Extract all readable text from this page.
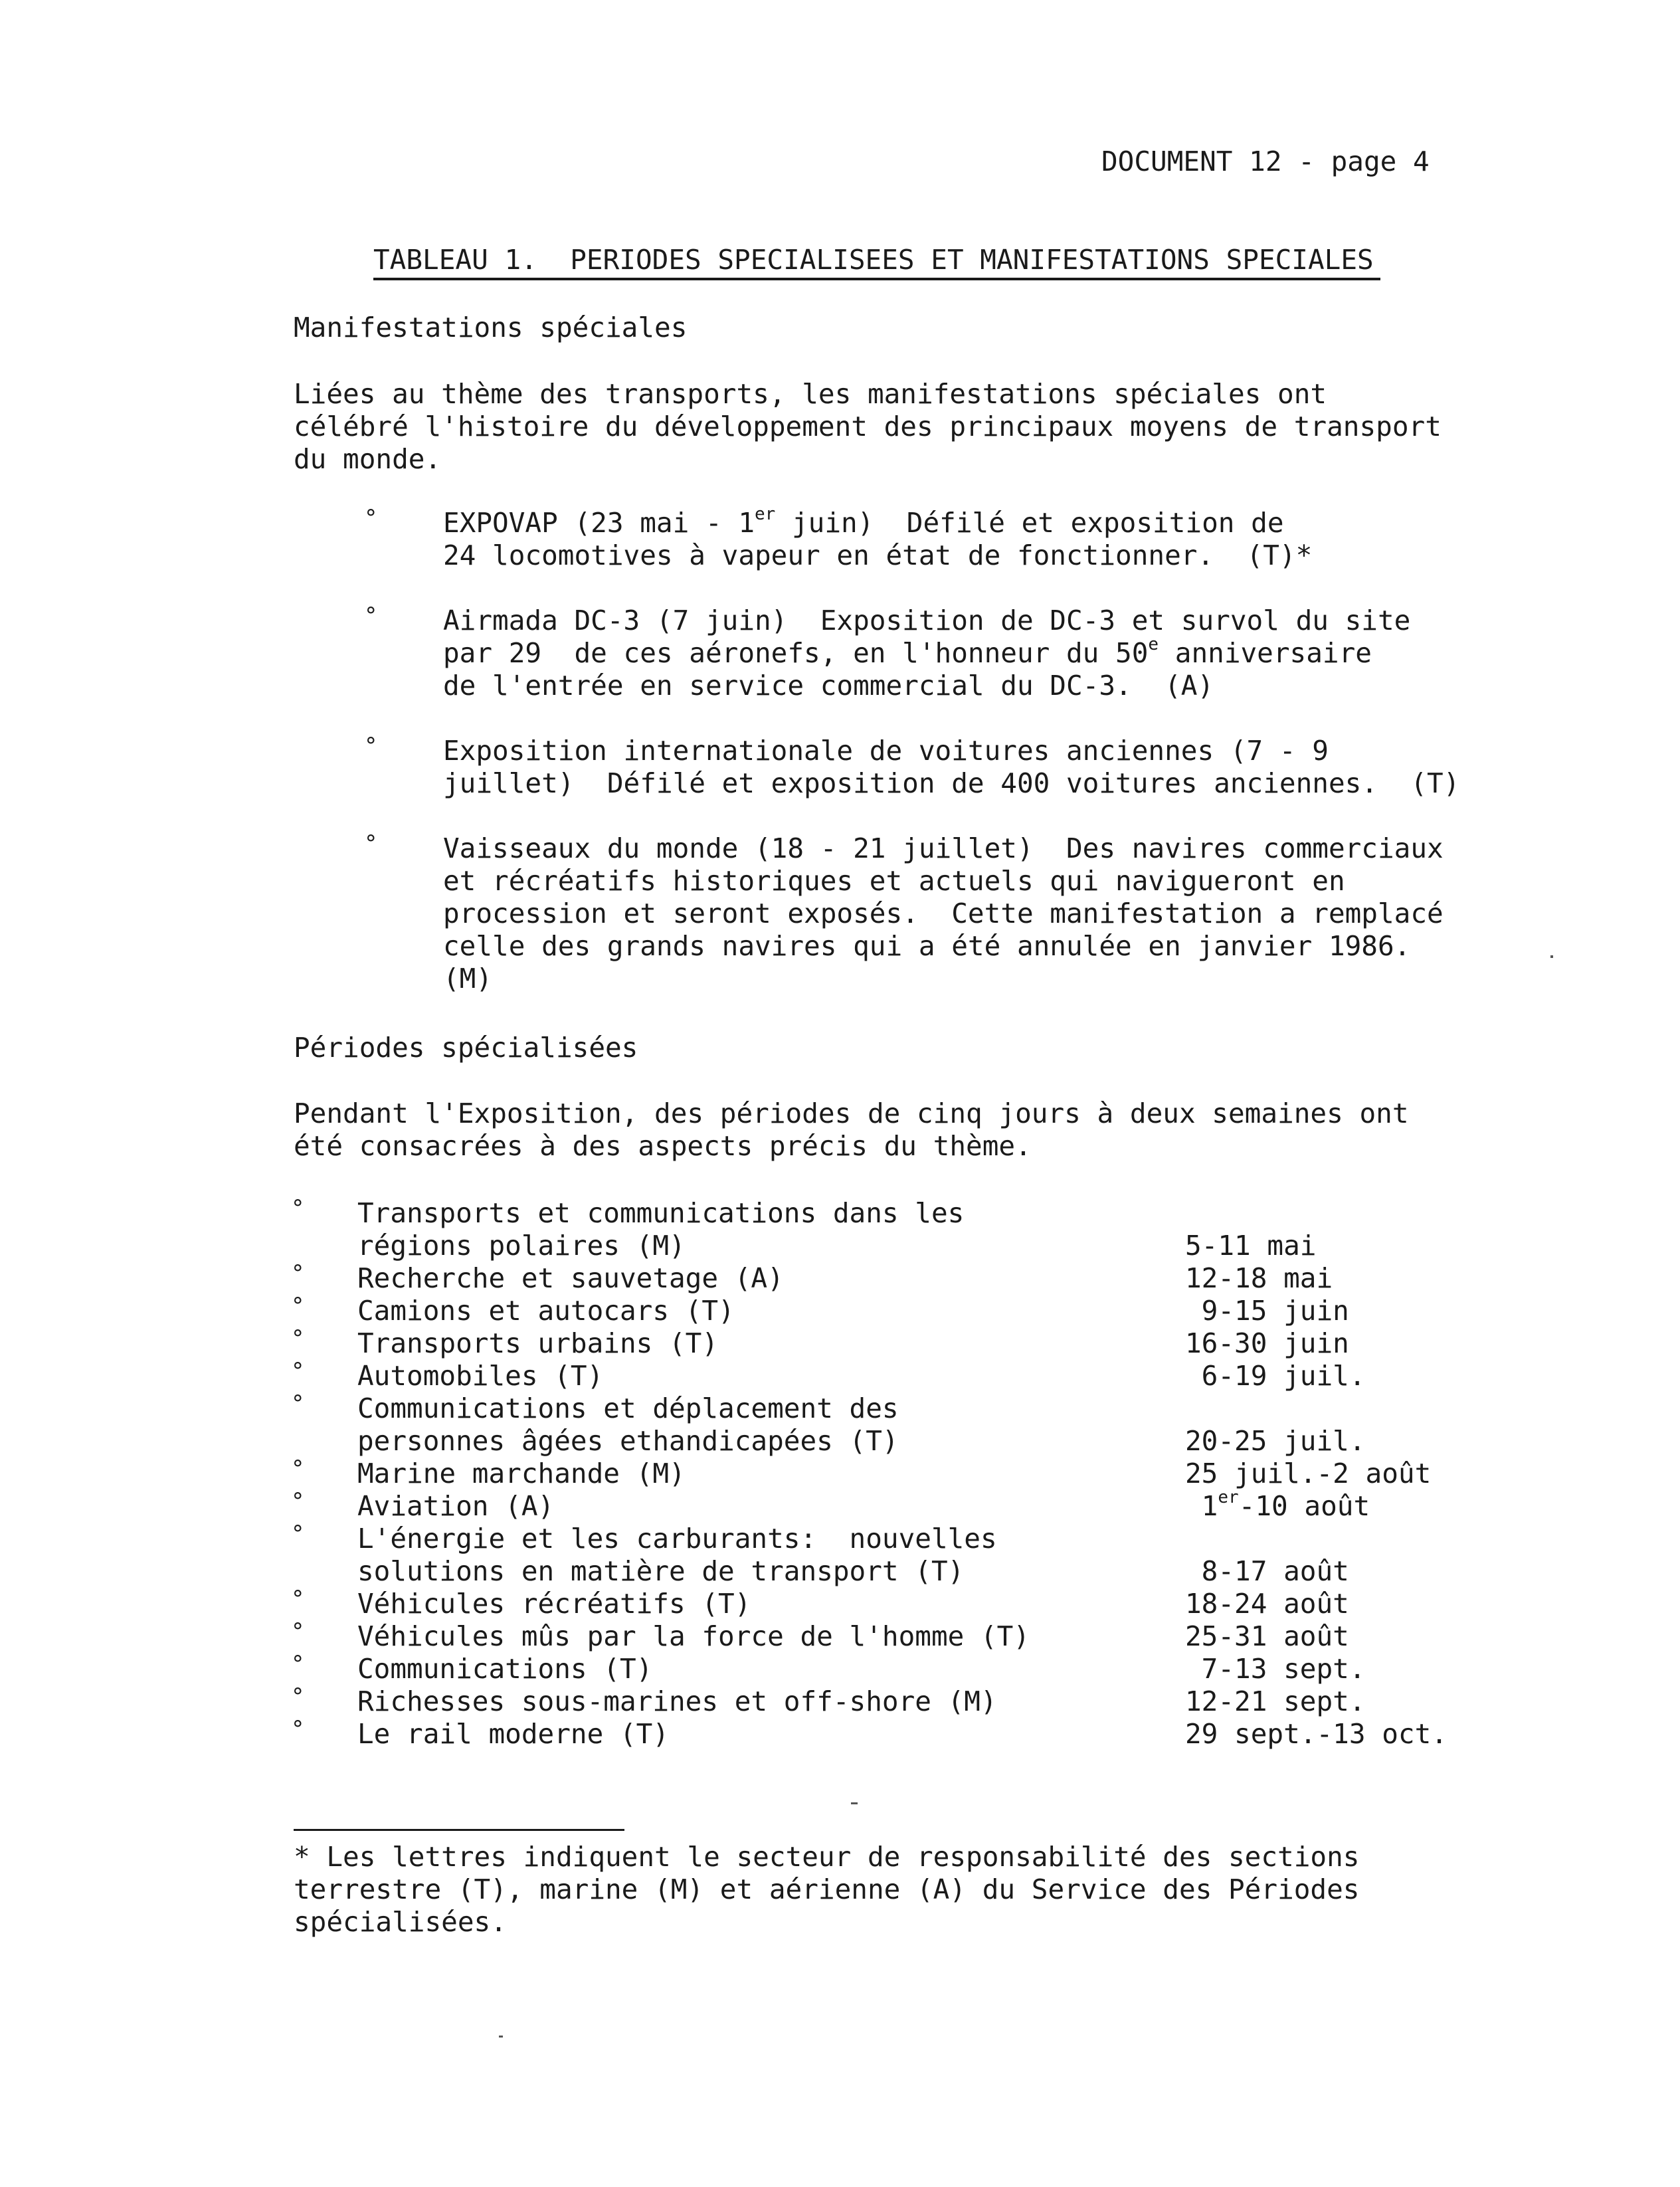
DOCUMENT 12 - page 4
TABLEAU 1.  PERIODES SPECIALISEES ET MANIFESTATIONS SPECIALES
Manifestations spéciales
Liées au thème des transports, les manifestations spéciales ont
célébré l'histoire du développement des principaux moyens de transport
du monde.
° EXPOVAP (23 mai - 1er juin)  Défilé et exposition de
24 locomotives à vapeur en état de fonctionner.  (T)*
° Airmada DC-3 (7 juin)  Exposition de DC-3 et survol du site
par 29  de ces aéronefs, en l'honneur du 50e anniversaire
de l'entrée en service commercial du DC-3.  (A)
° Exposition internationale de voitures anciennes (7 - 9
juillet)  Défilé et exposition de 400 voitures anciennes.  (T)
° Vaisseaux du monde (18 - 21 juillet)  Des navires commerciaux
et récréatifs historiques et actuels qui navigueront en
procession et seront exposés.  Cette manifestation a remplacé
celle des grands navires qui a été annulée en janvier 1986.
(M)
Périodes spécialisées
Pendant l'Exposition, des périodes de cinq jours à deux semaines ont
été consacrées à des aspects précis du thème.
° Transports et communications dans les
régions polaires (M)	5-11 mai
° Recherche et sauvetage (A)	12-18 mai
° Camions et autocars (T)	9-15 juin
° Transports urbains (T)	16-30 juin
° Automobiles (T)	6-19 juil.
° Communications et déplacement des
personnes âgées ethandicapées (T)	20-25 juil.
° Marine marchande (M)	25 juil.-2 août
° Aviation (A)	1er-10 août
° L'énergie et les carburants:  nouvelles
solutions en matière de transport (T)	8-17 août
° Véhicules récréatifs (T)	18-24 août
° Véhicules mûs par la force de l'homme (T)	25-31 août
° Communications (T)	7-13 sept.
° Richesses sous-marines et off-shore (M)	12-21 sept.
° Le rail moderne (T)	29 sept.-13 oct.
* Les lettres indiquent le secteur de responsabilité des sections
terrestre (T), marine (M) et aérienne (A) du Service des Périodes
spécialisées.
